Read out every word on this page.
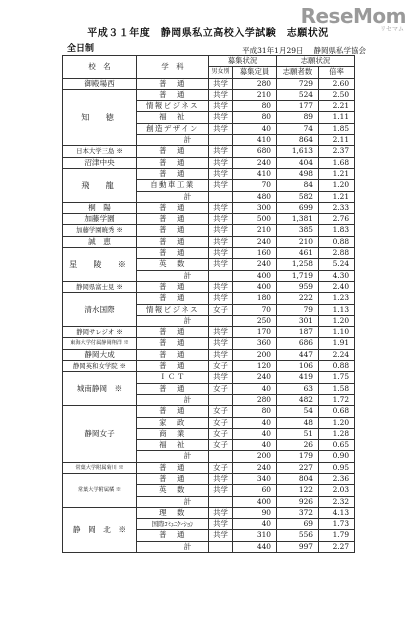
平成３１年度　静岡県私立高校入学試験　志願状況
ReseMom
リセマム
全日制	平成31年1月29日 静岡県私学協会
校　名	学　科	募集状況		志願状況	
		男女別	募集定員	志願者数	倍率
御殿場西	普　通	共学	280	729	2.60
知　徳	普　通	共学	210	524	2.50
	情報ビジネス	共学	80	177	2.21
	福　祉	共学	80	89	1.11
	創造デザイン	共学	40	74	1.85
	計		410	864	2.11
日本大学三島 ※	普　通	共学	680	1,613	2.37
沼津中央	普　通	共学	240	404	1.68
飛　龍	普　通	共学	410	498	1.21
	自動車工業	共学	70	84	1.20
	計		480	582	1.21
桐　陽	普　通	共学	300	699	2.33
加藤学園	普　通	共学	500	1,381	2.76
加藤学園暁秀 ※	普　通	共学	210	385	1.83
誠　恵	普　通	共学	240	210	0.88
星　陵　※	普　通	共学	160	461	2.88
	英　数	共学	240	1,258	5.24
	計		400	1,719	4.30
静岡県富士見 ※	普　通	共学	400	959	2.40
清水国際	普　通	共学	180	222	1.23
	情報ビジネス	女子	70	79	1.13
	計		250	301	1.20
静岡サレジオ ※	普　通	共学	170	187	1.10
東海大学付属静岡翔洋 ※	普　通	共学	360	686	1.91
静岡大成	普　通	共学	200	447	2.24
静岡英和女学院 ※	普　通	女子	120	106	0.88
城南静岡　※	ＩＣＴ	共学	240	419	1.75
	普　通	女子	40	63	1.58
	計		280	482	1.72
静岡女子	普　通	女子	80	54	0.68
	家　政	女子	40	48	1.20
	商　業	女子	40	51	1.28
	福　祉	女子	40	26	0.65
	計		200	179	0.90
常葉大学附属菊川 ※	普　通	女子	240	227	0.95
常葉大学附属橘 ※	普　通	共学	340	804	2.36
	英　数	共学	60	122	2.03
	計		400	926	2.32
静　岡　北　※	理　数	共学	90	372	4.13
	国際ｺﾐｭﾆｹｰｼｮﾝ	共学	40	69	1.73
	普　通	共学	310	556	1.79
	計		440	997	2.27
